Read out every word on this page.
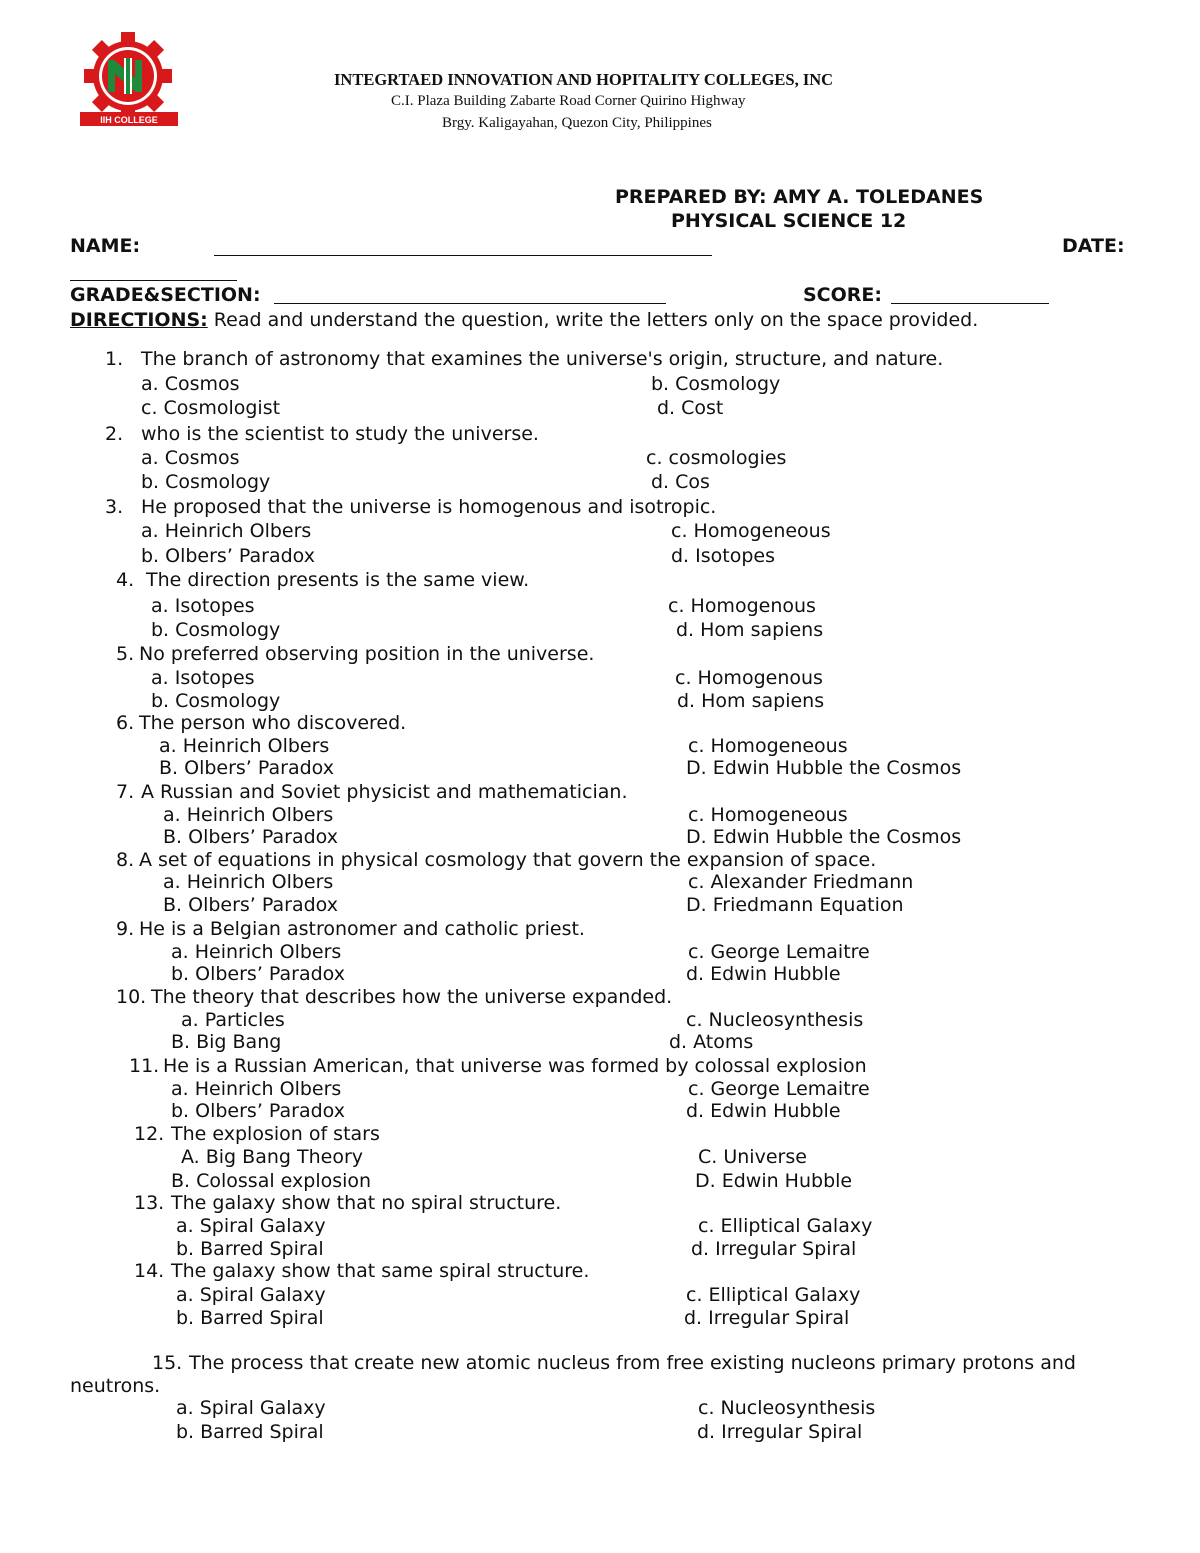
IIH COLLEGE
INTEGRTAED INNOVATION AND HOPITALITY COLLEGES, INC
C.I. Plaza Building Zabarte Road Corner Quirino Highway
Brgy. Kaligayahan, Quezon City, Philippines
PREPARED BY: AMY A. TOLEDANES
PHYSICAL SCIENCE 12
NAME:	DATE:
GRADE&SECTION:	SCORE:
DIRECTIONS: Read and understand the question, write the letters only on the space provided.
1. The branch of astronomy that examines the universe's origin, structure, and nature.
a. Cosmos	b. Cosmology
c. Cosmologist	d. Cost
2. who is the scientist to study the universe.
a. Cosmos	c. cosmologies
b. Cosmology	d. Cos
3. He proposed that the universe is homogenous and isotropic.
a. Heinrich Olbers	c. Homogeneous
b. Olbers’ Paradox	d. Isotopes
4. The direction presents is the same view.
a. Isotopes	c. Homogenous
b. Cosmology	d. Hom sapiens
5. No preferred observing position in the universe.
a. Isotopes	c. Homogenous
b. Cosmology	d. Hom sapiens
6. The person who discovered.
a. Heinrich Olbers	c. Homogeneous
B. Olbers’ Paradox	D. Edwin Hubble the Cosmos
7. A Russian and Soviet physicist and mathematician.
a. Heinrich Olbers	c. Homogeneous
B. Olbers’ Paradox	D. Edwin Hubble the Cosmos
8. A set of equations in physical cosmology that govern the expansion of space.
a. Heinrich Olbers	c. Alexander Friedmann
B. Olbers’ Paradox	D. Friedmann Equation
9. He is a Belgian astronomer and catholic priest.
a. Heinrich Olbers	c. George Lemaitre
b. Olbers’ Paradox	d. Edwin Hubble
10. The theory that describes how the universe expanded.
a. Particles	c. Nucleosynthesis
B. Big Bang	d. Atoms
11. He is a Russian American, that universe was formed by colossal explosion
a. Heinrich Olbers	c. George Lemaitre
b. Olbers’ Paradox	d. Edwin Hubble
12. The explosion of stars
A. Big Bang Theory	C. Universe
B. Colossal explosion	D. Edwin Hubble
13. The galaxy show that no spiral structure.
a. Spiral Galaxy	c. Elliptical Galaxy
b. Barred Spiral	d. Irregular Spiral
14. The galaxy show that same spiral structure.
a. Spiral Galaxy	c. Elliptical Galaxy
b. Barred Spiral	d. Irregular Spiral
15. The process that create new atomic nucleus from free existing nucleons primary protons and
neutrons.
a. Spiral Galaxy	c. Nucleosynthesis
b. Barred Spiral	d. Irregular Spiral
